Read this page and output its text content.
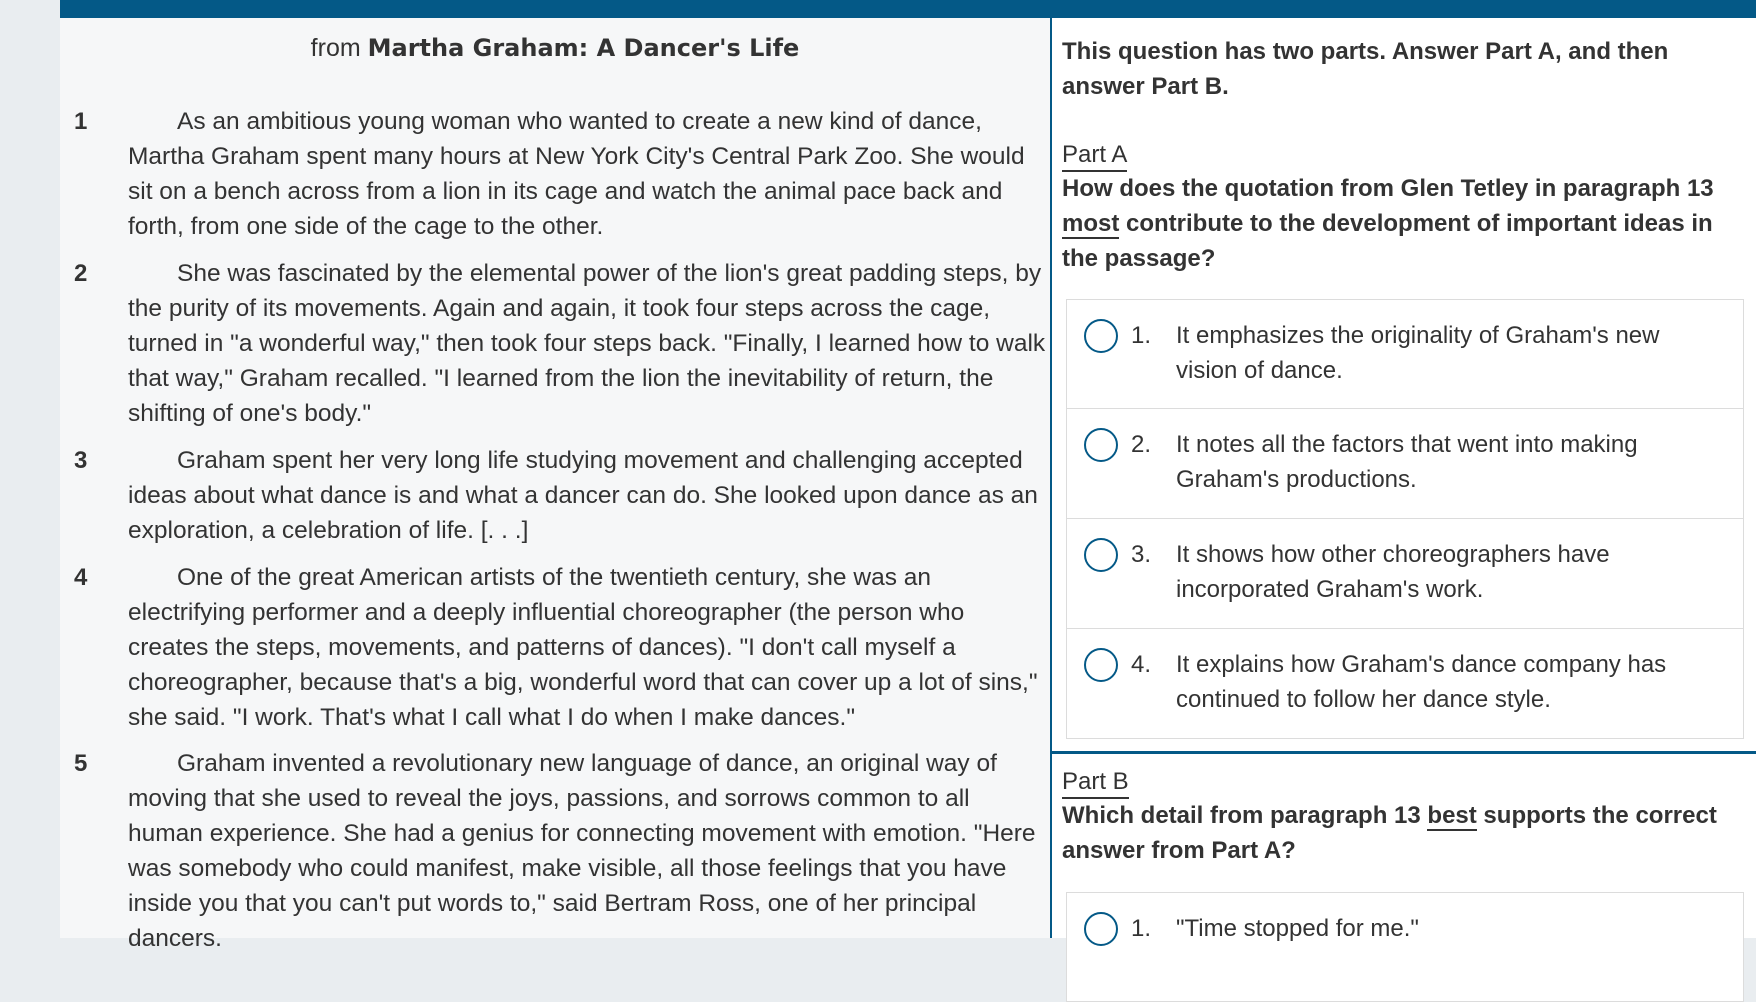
from Martha Graham: A Dancer's Life
1	As an ambitious young woman who wanted to create a new kind of dance, Martha Graham spent many hours at New York City's Central Park Zoo. She would sit on a bench across from a lion in its cage and watch the animal pace back and forth, from one side of the cage to the other.
2	She was fascinated by the elemental power of the lion's great padding steps, by the purity of its movements. Again and again, it took four steps across the cage, turned in "a wonderful way," then took four steps back. "Finally, I learned how to walk that way," Graham recalled. "I learned from the lion the inevitability of return, the shifting of one's body."
3	Graham spent her very long life studying movement and challenging accepted ideas about what dance is and what a dancer can do. She looked upon dance as an exploration, a celebration of life. [. . .]
4	One of the great American artists of the twentieth century, she was an electrifying performer and a deeply influential choreographer (the person who creates the steps, movements, and patterns of dances). "I don't call myself a choreographer, because that's a big, wonderful word that can cover up a lot of sins," she said. "I work. That's what I call what I do when I make dances."
5	Graham invented a revolutionary new language of dance, an original way of moving that she used to reveal the joys, passions, and sorrows common to all human experience. She had a genius for connecting movement with emotion. "Here was somebody who could manifest, make visible, all those feelings that you have inside you that you can't put words to," said Bertram Ross, one of her principal dancers.
This question has two parts. Answer Part A, and then answer Part B.
Part A
How does the quotation from Glen Tetley in paragraph 13 most contribute to the development of important ideas in the passage?
1. It emphasizes the originality of Graham's new vision of dance.
2. It notes all the factors that went into making Graham's productions.
3. It shows how other choreographers have incorporated Graham's work.
4. It explains how Graham's dance company has continued to follow her dance style.
Part B
Which detail from paragraph 13 best supports the correct answer from Part A?
1. "Time stopped for me."
